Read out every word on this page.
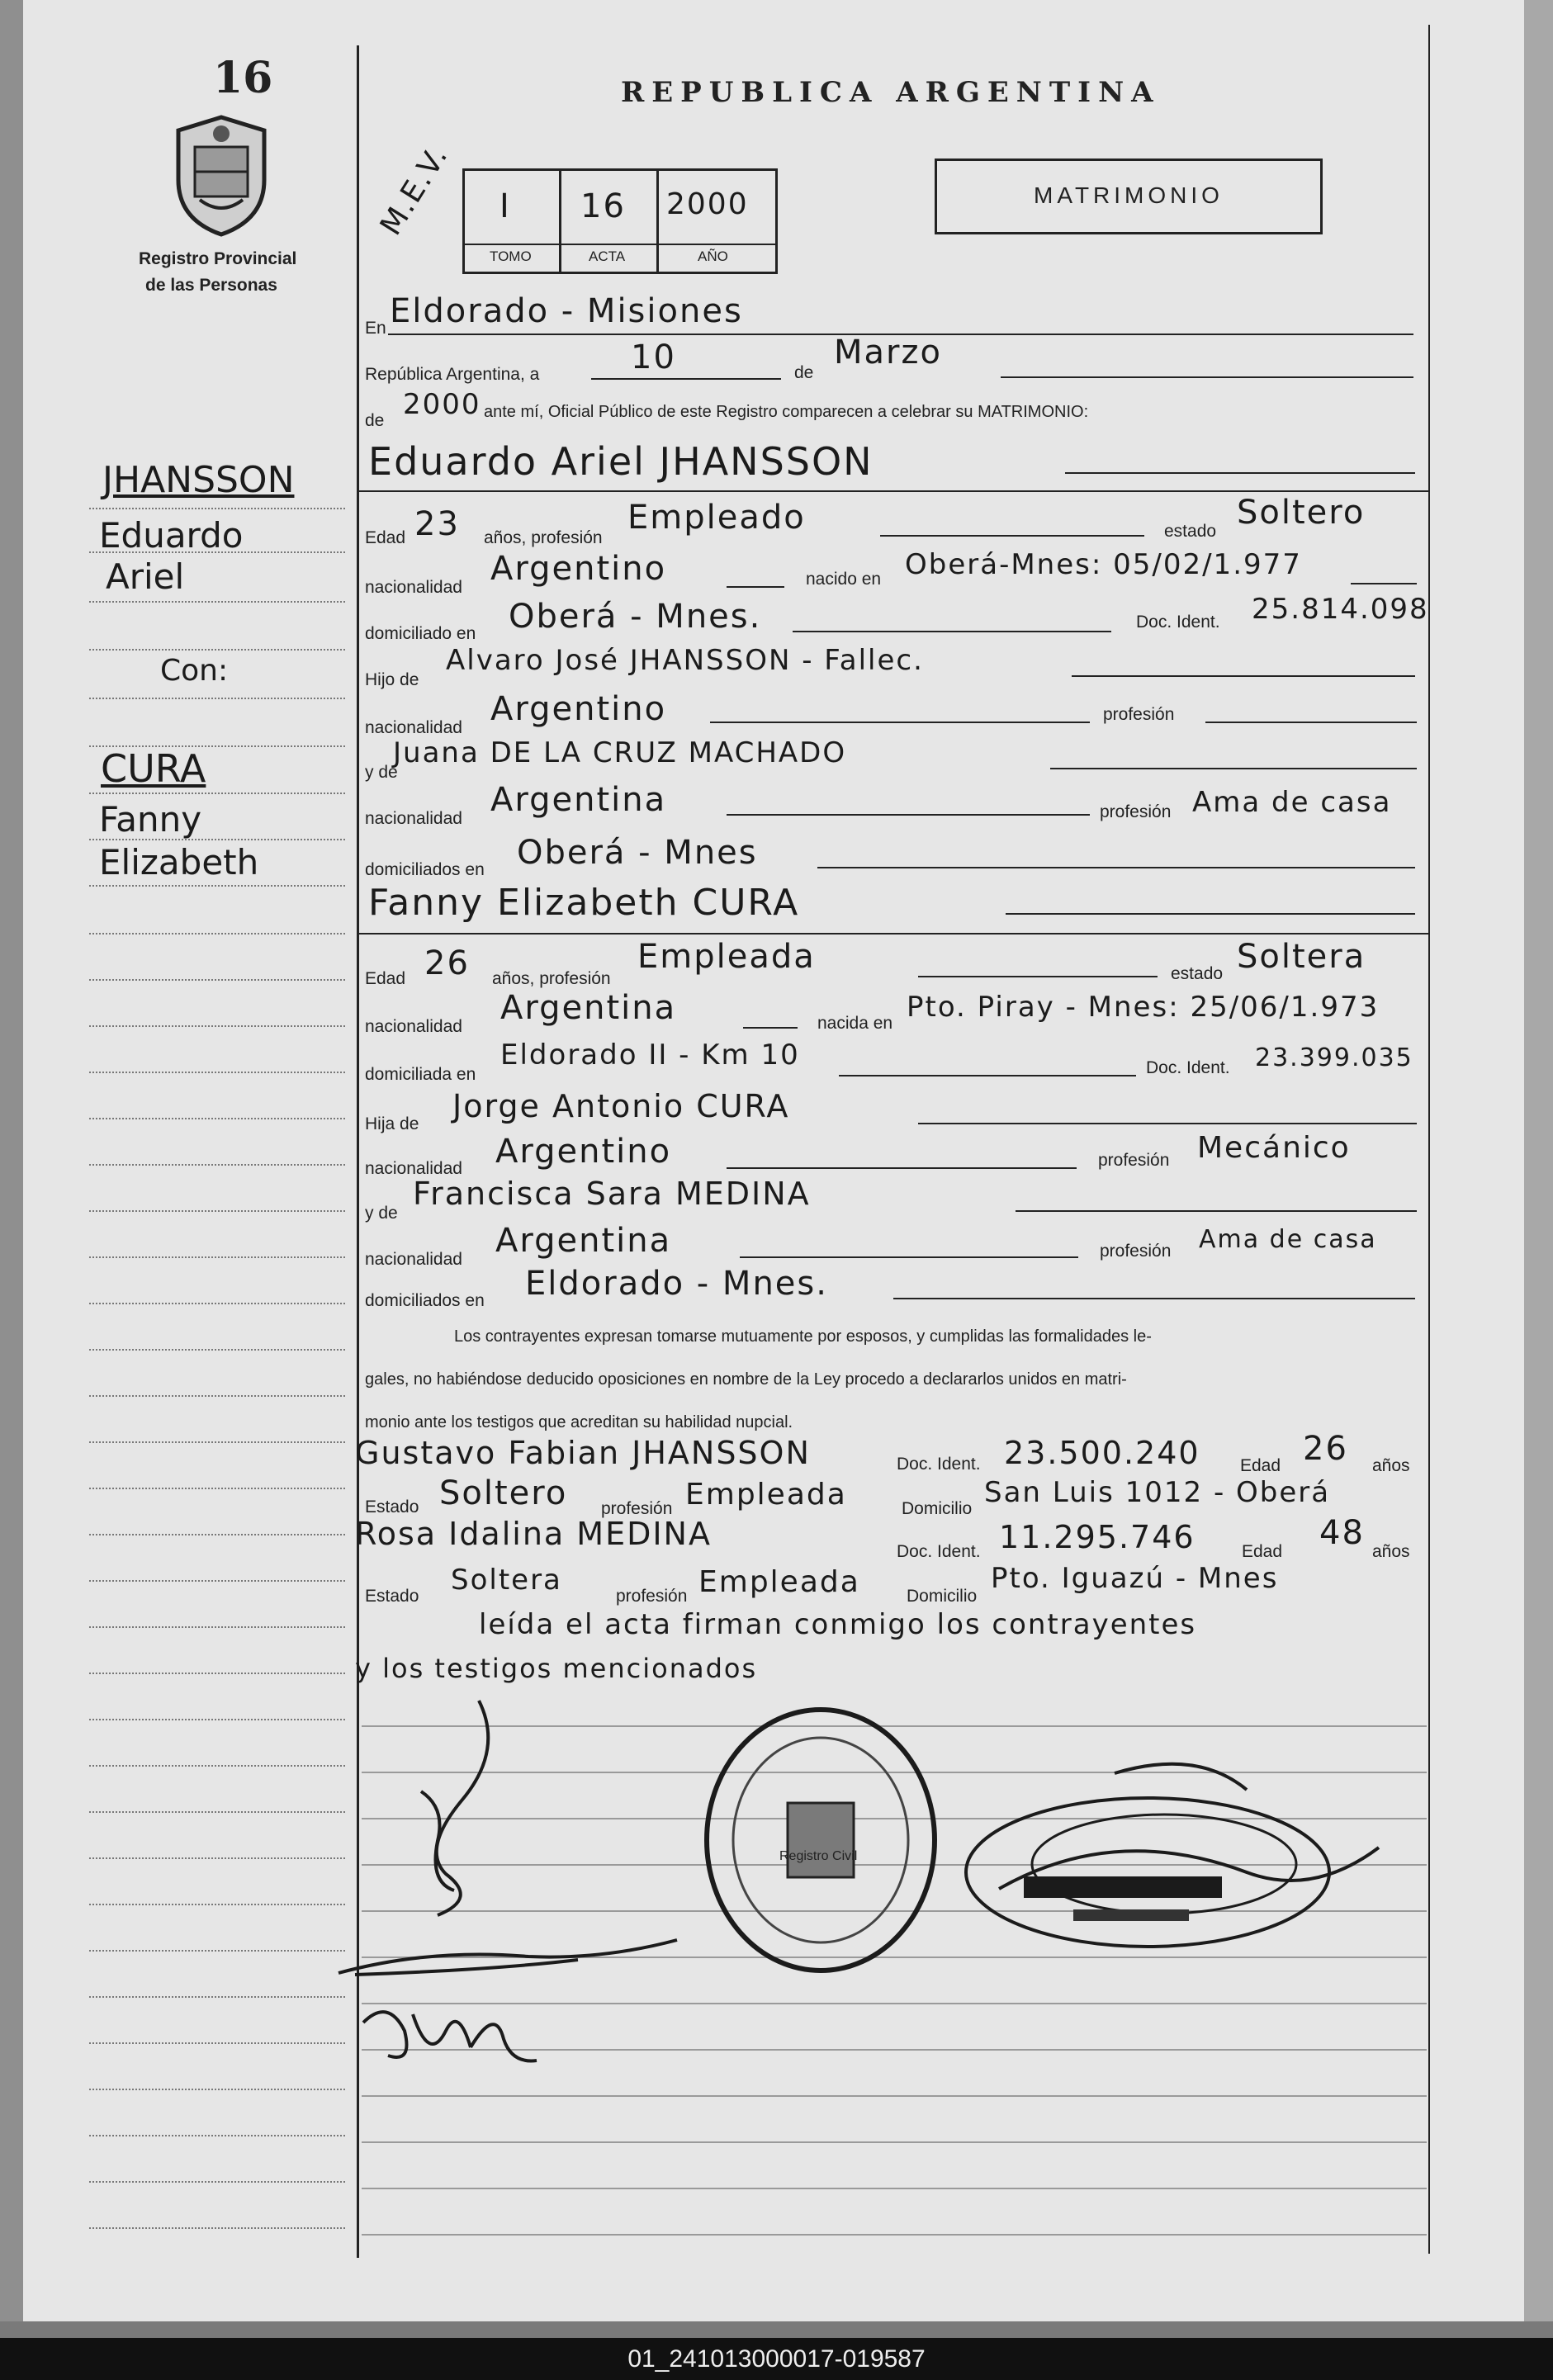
01_241013000017-019587
16
Registro Provincial
de las Personas
REPUBLICA ARGENTINA
MATRIMONIO
M.E.V. I 16 2000
TOMO	ACTA	AÑO
JHANSSON
Eduardo
Ariel
Con:
CURA
Fanny
Elizabeth
En Eldorado - Misiones
República Argentina, a	10	de
Marzo
de 2000 ante mí, Oficial Público de este Registro comparecen a celebrar su MATRIMONIO:
Eduardo Ariel JHANSSON
Edad 23 años, profesión
Empleado	estado Soltero
nacionalidad Argentino	nacido en Oberá-Mnes: 05/02/1.977
domiciliado en Oberá - Mnes.	Doc. Ident. 25.814.098
Hijo de
Alvaro José JHANSSON - Fallec.
nacionalidad Argentino	profesión
y de
Juana DE LA CRUZ MACHADO
nacionalidad Argentina	profesión Ama de casa
domiciliados en Oberá - Mnes
Fanny Elizabeth CURA
Edad 26 años, profesión
Empleada	estado Soltera
nacionalidad Argentina	nacida en Pto. Piray - Mnes: 25/06/1.973
domiciliada en
Eldorado II - Km 10	Doc. Ident. 23.399.035
Hija de Jorge Antonio CURA
nacionalidad Argentino	profesión Mecánico
y de
Francisca Sara MEDINA
nacionalidad Argentina	profesión Ama de casa
domiciliados en Eldorado - Mnes.
Los contrayentes expresan tomarse mutuamente por esposos, y cumplidas las formalidades le-
gales, no habiéndose deducido oposiciones en nombre de la Ley procedo a declararlos unidos en matri-
monio ante los testigos que acreditan su habilidad nupcial.
Gustavo Fabian JHANSSON	Doc. Ident. 23.500.240 Edad 26 años
Estado Soltero profesión Empleada	Domicilio San Luis 1012 - Oberá
Rosa Idalina MEDINA	Doc. Ident. 11.295.746	Edad 48 años
Estado Soltera	profesión Empleada	Domicilio
Pto. Iguazú - Mnes
leída el acta firman conmigo los contrayentes
y los testigos mencionados
Registro Civil
